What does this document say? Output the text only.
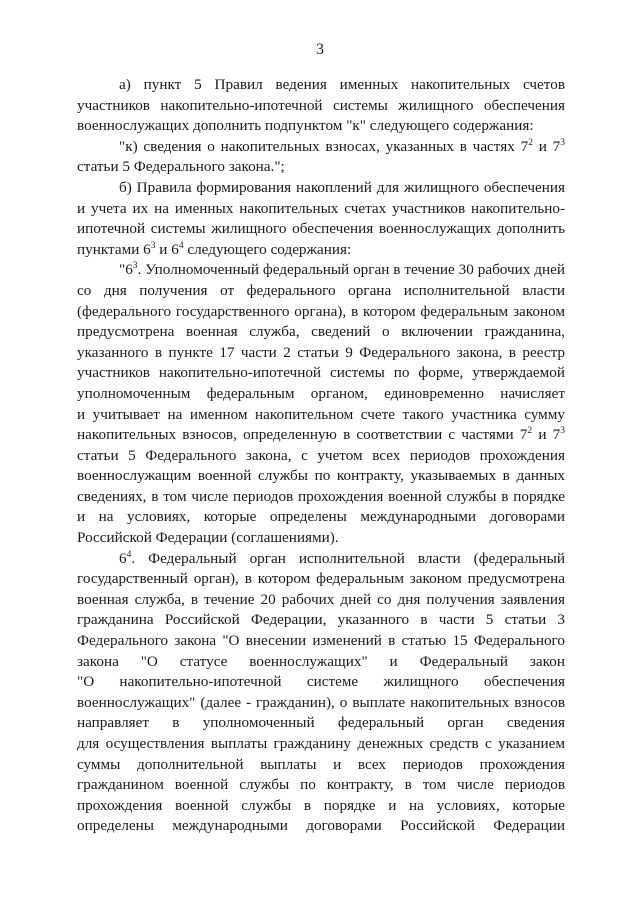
3
а) пункт 5 Правил ведения именных накопительных счетов
участников накопительно-ипотечной системы жилищного обеспечения
военнослужащих дополнить подпунктом "к" следующего содержания:
"к) сведения о накопительных взносах, указанных в частях $7^2$ и $7^3$
статьи 5 Федерального закона.";
б) Правила формирования накоплений для жилищного обеспечения
и учета их на именных накопительных счетах участников накопительно-
ипотечной системы жилищного обеспечения военнослужащих дополнить
пунктами $6^3$ и $6^4$ следующего содержания:
"$6^3$. Уполномоченный федеральный орган в течение 30 рабочих дней
со дня получения от федерального органа исполнительной власти
(федерального государственного органа), в котором федеральным законом
предусмотрена военная служба, сведений о включении гражданина,
указанного в пункте 17 части 2 статьи 9 Федерального закона, в реестр
участников накопительно-ипотечной системы по форме, утверждаемой
уполномоченным федеральным органом, единовременно начисляет
и учитывает на именном накопительном счете такого участника сумму
накопительных взносов, определенную в соответствии с частями $7^2$ и $7^3$
статьи 5 Федерального закона, с учетом всех периодов прохождения
военнослужащим военной службы по контракту, указываемых в данных
сведениях, в том числе периодов прохождения военной службы в порядке
и на условиях, которые определены международными договорами
Российской Федерации (соглашениями).
$6^4$. Федеральный орган исполнительной власти (федеральный
государственный орган), в котором федеральным законом предусмотрена
военная служба, в течение 20 рабочих дней со дня получения заявления
гражданина Российской Федерации, указанного в части 5 статьи 3
Федерального закона "О внесении изменений в статью 15 Федерального
закона "О статусе военнослужащих" и Федеральный закон
"О накопительно-ипотечной системе жилищного обеспечения
военнослужащих" (далее - гражданин), о выплате накопительных взносов
направляет в уполномоченный федеральный орган сведения
для осуществления выплаты гражданину денежных средств с указанием
суммы дополнительной выплаты и всех периодов прохождения
гражданином военной службы по контракту, в том числе периодов
прохождения военной службы в порядке и на условиях, которые
определены международными договорами Российской Федерации
